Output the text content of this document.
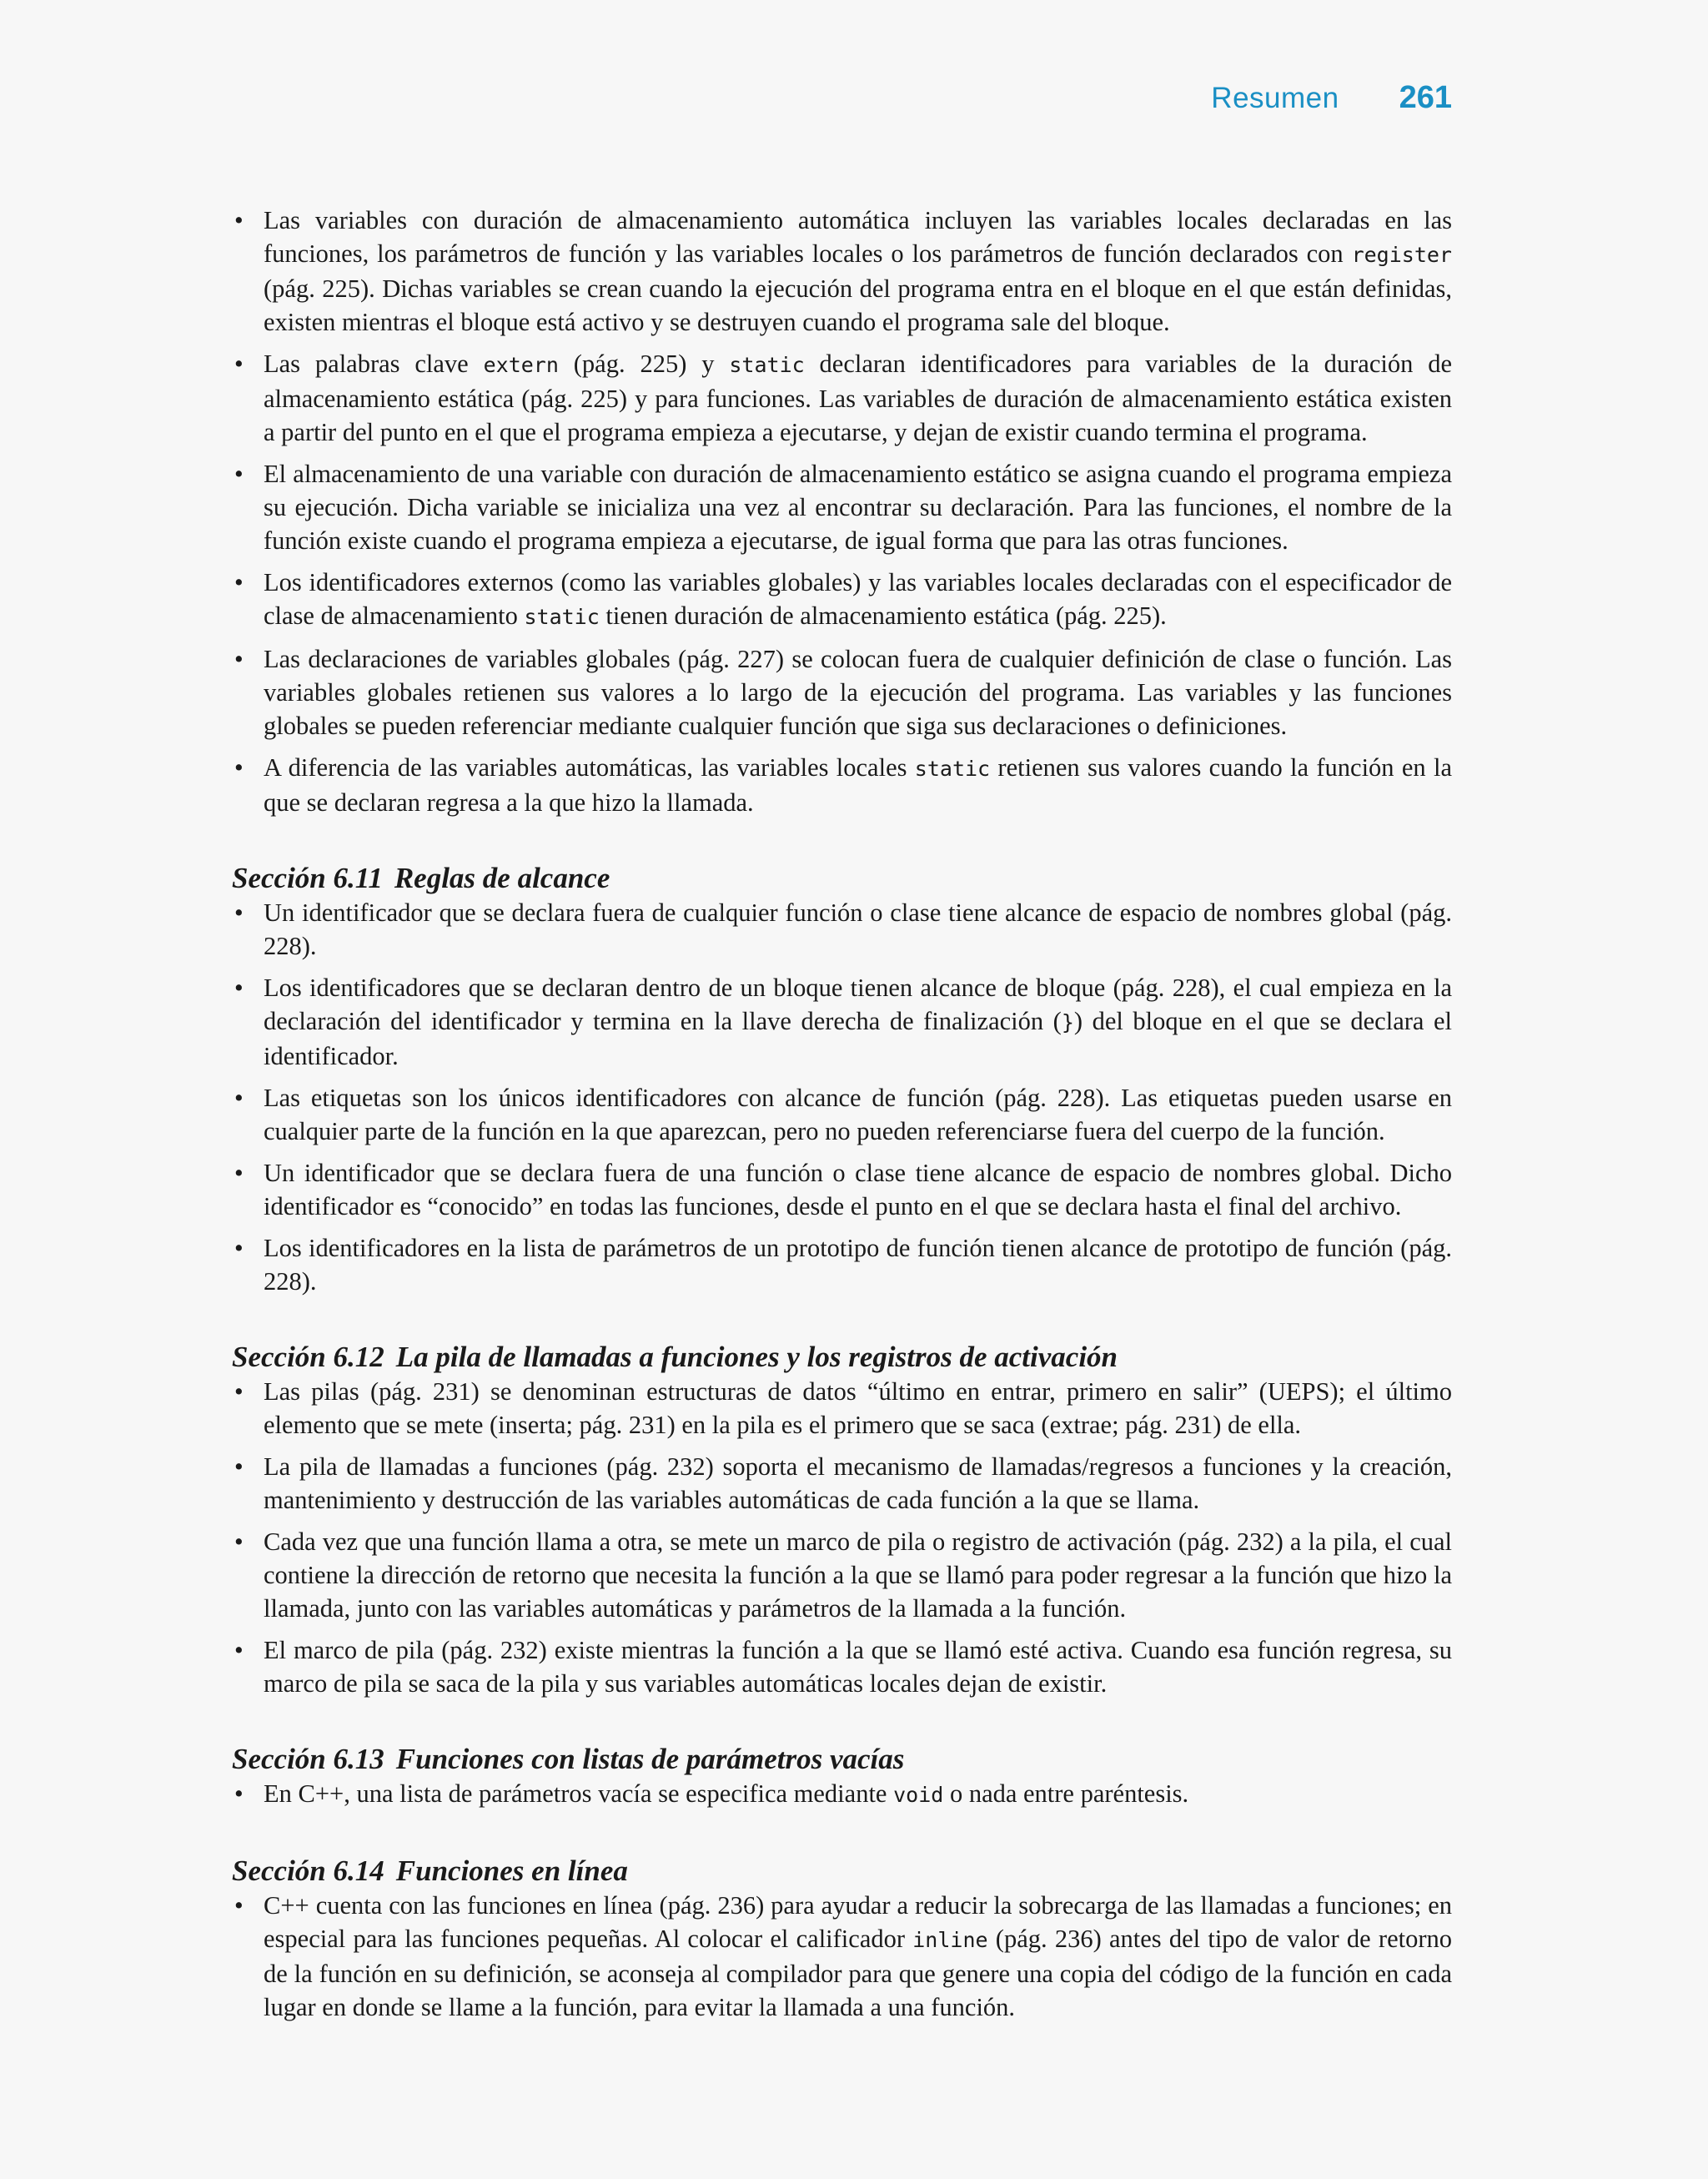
Resumen 261
• Las variables con duración de almacenamiento automática incluyen las variables locales declaradas en las funciones, los parámetros de función y las variables locales o los parámetros de función declarados con register (pág. 225). Dichas variables se crean cuando la ejecución del programa entra en el bloque en el que están definidas, existen mientras el bloque está activo y se destruyen cuando el programa sale del bloque.
• Las palabras clave extern (pág. 225) y static declaran identificadores para variables de la duración de almacenamiento estática (pág. 225) y para funciones. Las variables de duración de almacenamiento estática existen a partir del punto en el que el programa empieza a ejecutarse, y dejan de existir cuando termina el programa.
• El almacenamiento de una variable con duración de almacenamiento estático se asigna cuando el programa empieza su ejecución. Dicha variable se inicializa una vez al encontrar su declaración. Para las funciones, el nombre de la función existe cuando el programa empieza a ejecutarse, de igual forma que para las otras funciones.
• Los identificadores externos (como las variables globales) y las variables locales declaradas con el especificador de clase de almacenamiento static tienen duración de almacenamiento estática (pág. 225).
• Las declaraciones de variables globales (pág. 227) se colocan fuera de cualquier definición de clase o función. Las variables globales retienen sus valores a lo largo de la ejecución del programa. Las variables y las funciones globales se pueden referenciar mediante cualquier función que siga sus declaraciones o definiciones.
• A diferencia de las variables automáticas, las variables locales static retienen sus valores cuando la función en la que se declaran regresa a la que hizo la llamada.
Sección 6.11 Reglas de alcance
• Un identificador que se declara fuera de cualquier función o clase tiene alcance de espacio de nombres global (pág. 228).
• Los identificadores que se declaran dentro de un bloque tienen alcance de bloque (pág. 228), el cual empieza en la declaración del identificador y termina en la llave derecha de finalización (}) del bloque en el que se declara el identificador.
• Las etiquetas son los únicos identificadores con alcance de función (pág. 228). Las etiquetas pueden usarse en cualquier parte de la función en la que aparezcan, pero no pueden referenciarse fuera del cuerpo de la función.
• Un identificador que se declara fuera de una función o clase tiene alcance de espacio de nombres global. Dicho identificador es “conocido” en todas las funciones, desde el punto en el que se declara hasta el final del archivo.
• Los identificadores en la lista de parámetros de un prototipo de función tienen alcance de prototipo de función (pág. 228).
Sección 6.12 La pila de llamadas a funciones y los registros de activación
• Las pilas (pág. 231) se denominan estructuras de datos “último en entrar, primero en salir” (UEPS); el último elemento que se mete (inserta; pág. 231) en la pila es el primero que se saca (extrae; pág. 231) de ella.
• La pila de llamadas a funciones (pág. 232) soporta el mecanismo de llamadas/regresos a funciones y la creación, mantenimiento y destrucción de las variables automáticas de cada función a la que se llama.
• Cada vez que una función llama a otra, se mete un marco de pila o registro de activación (pág. 232) a la pila, el cual contiene la dirección de retorno que necesita la función a la que se llamó para poder regresar a la función que hizo la llamada, junto con las variables automáticas y parámetros de la llamada a la función.
• El marco de pila (pág. 232) existe mientras la función a la que se llamó esté activa. Cuando esa función regresa, su marco de pila se saca de la pila y sus variables automáticas locales dejan de existir.
Sección 6.13 Funciones con listas de parámetros vacías
• En C++, una lista de parámetros vacía se especifica mediante void o nada entre paréntesis.
Sección 6.14 Funciones en línea
• C++ cuenta con las funciones en línea (pág. 236) para ayudar a reducir la sobrecarga de las llamadas a funciones; en especial para las funciones pequeñas. Al colocar el calificador inline (pág. 236) antes del tipo de valor de retorno de la función en su definición, se aconseja al compilador para que genere una copia del código de la función en cada lugar en donde se llame a la función, para evitar la llamada a una función.
